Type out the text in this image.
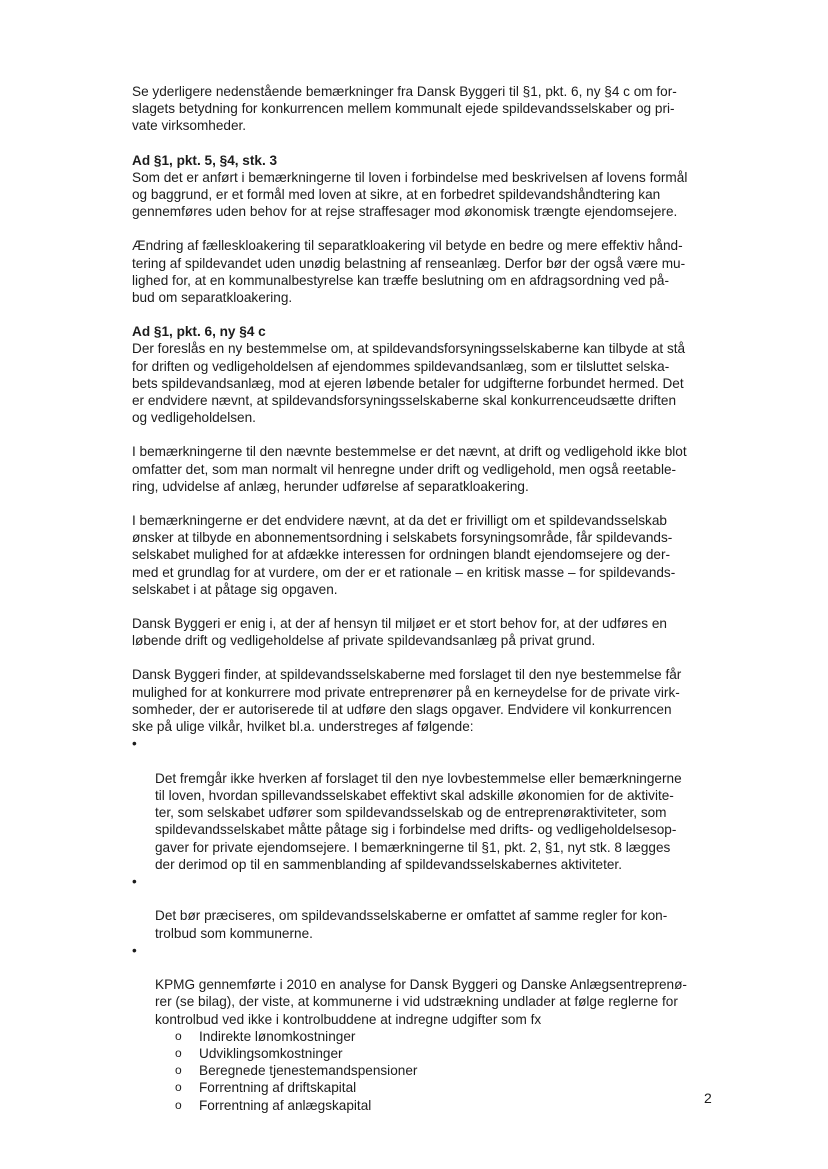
Se yderligere nedenstående bemærkninger fra Dansk Byggeri til §1, pkt. 6, ny §4 c om for-
slagets betydning for konkurrencen mellem kommunalt ejede spildevandsselskaber og pri-
vate virksomheder.

Ad §1, pkt. 5, §4, stk. 3

Som det er anført i bemærkningerne til loven i forbindelse med beskrivelsen af lovens formål
og baggrund, er et formål med loven at sikre, at en forbedret spildevandshåndtering kan
gennemføres uden behov for at rejse straffesager mod økonomisk trængte ejendomsejere.

Ændring af fælleskloakering til separatkloakering vil betyde en bedre og mere effektiv hånd-
tering af spildevandet uden unødig belastning af renseanlæg. Derfor bør der også være mu-
lighed for, at en kommunalbestyrelse kan træffe beslutning om en afdragsordning ved på-
bud om separatkloakering.

Ad §1, pkt. 6, ny §4 c

Der foreslås en ny bestemmelse om, at spildevandsforsyningsselskaberne kan tilbyde at stå
for driften og vedligeholdelsen af ejendommes spildevandsanlæg, som er tilsluttet selska-
bets spildevandsanlæg, mod at ejeren løbende betaler for udgifterne forbundet hermed. Det
er endvidere nævnt, at spildevandsforsyningsselskaberne skal konkurrenceudsætte driften
og vedligeholdelsen.

I bemærkningerne til den nævnte bestemmelse er det nævnt, at drift og vedligehold ikke blot
omfatter det, som man normalt vil henregne under drift og vedligehold, men også reetable-
ring, udvidelse af anlæg, herunder udførelse af separatkloakering.

I bemærkningerne er det endvidere nævnt, at da det er frivilligt om et spildevandsselskab
ønsker at tilbyde en abonnementsordning i selskabets forsyningsområde, får spildevands-
selskabet mulighed for at afdække interessen for ordningen blandt ejendomsejere og der-
med et grundlag for at vurdere, om der er et rationale – en kritisk masse – for spildevands-
selskabet i at påtage sig opgaven.

Dansk Byggeri er enig i, at der af hensyn til miljøet er et stort behov for, at der udføres en
løbende drift og vedligeholdelse af private spildevandsanlæg på privat grund.

Dansk Byggeri finder, at spildevandsselskaberne med forslaget til den nye bestemmelse får
mulighed for at konkurrere mod private entreprenører på en kerneydelse for de private virk-
somheder, der er autoriserede til at udføre den slags opgaver. Endvidere vil konkurrencen
ske på ulige vilkår, hvilket bl.a. understreges af følgende:

•

Det fremgår ikke hverken af forslaget til den nye lovbestemmelse eller bemærkningerne
til loven, hvordan spillevandsselskabet effektivt skal adskille økonomien for de aktivite-
ter, som selskabet udfører som spildevandsselskab og de entreprenøraktiviteter, som
spildevandsselskabet måtte påtage sig i forbindelse med drifts- og vedligeholdelsesop-
gaver for private ejendomsejere. I bemærkningerne til §1, pkt. 2, §1, nyt stk. 8 lægges
der derimod op til en sammenblanding af spildevandsselskabernes aktiviteter.

•

Det bør præciseres, om spildevandsselskaberne er omfattet af samme regler for kon-
trolbud som kommunerne.

•

KPMG gennemførte i 2010 en analyse for Dansk Byggeri og Danske Anlægsentreprenø-
rer (se bilag), der viste, at kommunerne i vid udstrækning undlader at følge reglerne for
kontrolbud ved ikke i kontrolbuddene at indregne udgifter som fx

o Indirekte lønomkostninger
o Udviklingsomkostninger
o Beregnede tjenestemandspensioner
o Forrentning af driftskapital
o Forrentning af anlægskapital	2
